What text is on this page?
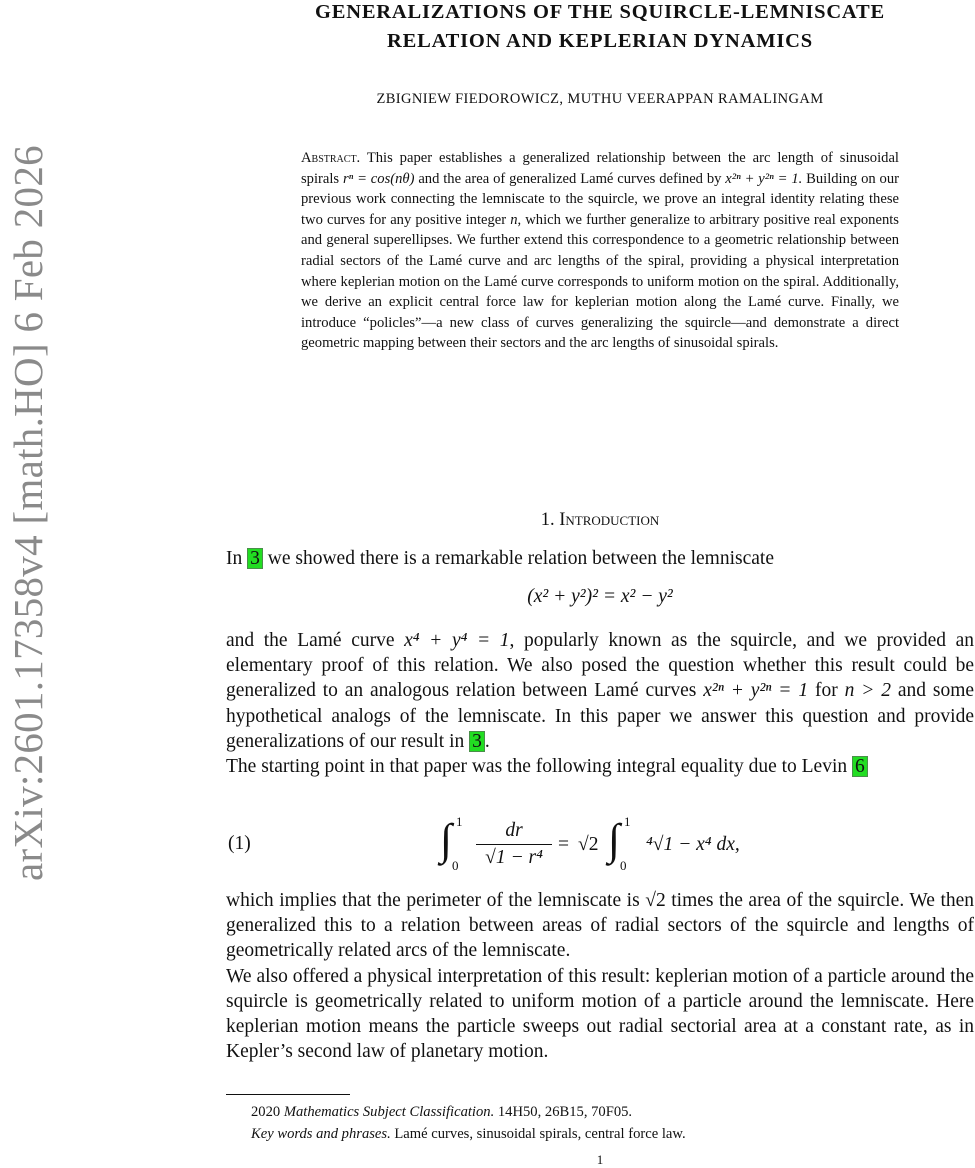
arXiv:2601.17358v4 [math.HO] 6 Feb 2026
GENERALIZATIONS OF THE SQUIRCLE-LEMNISCATE
RELATION AND KEPLERIAN DYNAMICS
ZBIGNIEW FIEDOROWICZ, MUTHU VEERAPPAN RAMALINGAM
Abstract. This paper establishes a generalized relationship between the arc length of sinusoidal spirals rⁿ = cos(nθ) and the area of generalized Lamé curves defined by x²ⁿ + y²ⁿ = 1. Building on our previous work connecting the lemniscate to the squircle, we prove an integral identity relating these two curves for any positive integer n, which we further generalize to arbitrary positive real exponents and general superellipses. We further extend this correspondence to a geometric relationship between radial sectors of the Lamé curve and arc lengths of the spiral, providing a physical interpretation where keplerian motion on the Lamé curve corresponds to uniform motion on the spiral. Additionally, we derive an explicit central force law for keplerian motion along the Lamé curve. Finally, we introduce “policles”—a new class of curves generalizing the squircle—and demonstrate a direct geometric mapping between their sectors and the arc lengths of sinusoidal spirals.
1. Introduction
In 3 we showed there is a remarkable relation between the lemniscate
(x² + y²)² = x² − y²
and the Lamé curve x⁴ + y⁴ = 1, popularly known as the squircle, and we provided an elementary proof of this relation. We also posed the question whether this result could be generalized to an analogous relation between Lamé curves x²ⁿ + y²ⁿ = 1 for n > 2 and some hypothetical analogs of the lemniscate. In this paper we answer this question and provide generalizations of our result in 3 .
The starting point in that paper was the following integral equality due to Levin 6
(1)	∫ 1
0
dr
√1 − r⁴
= √2 ∫ 1
0
⁴√1 − x⁴ dx,
which implies that the perimeter of the lemniscate is √2 times the area of the squircle. We then generalized this to a relation between areas of radial sectors of the squircle and lengths of geometrically related arcs of the lemniscate.
We also offered a physical interpretation of this result: keplerian motion of a particle around the squircle is geometrically related to uniform motion of a particle around the lemniscate. Here keplerian motion means the particle sweeps out radial sectorial area at a constant rate, as in Kepler’s second law of planetary motion.
2020 Mathematics Subject Classification. 14H50, 26B15, 70F05.
Key words and phrases. Lamé curves, sinusoidal spirals, central force law.
1
